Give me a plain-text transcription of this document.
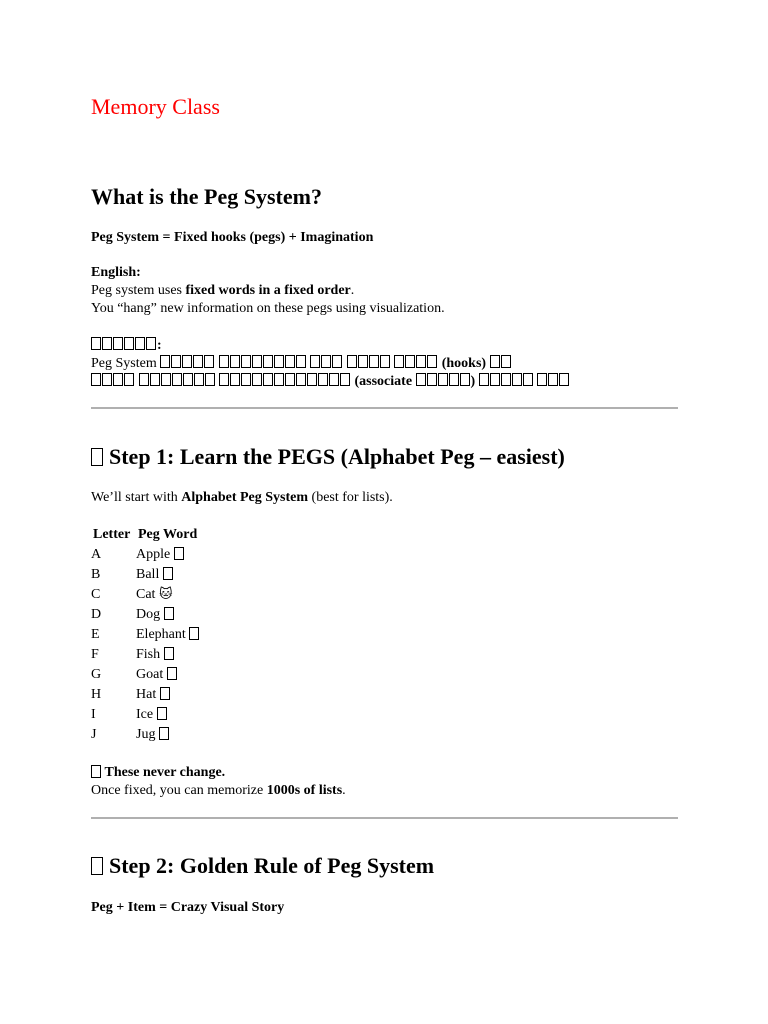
Memory Class
What is the Peg System?

Peg System = Fixed hooks (pegs) + Imagination

English:

Peg system uses fixed words in a fixed order.

You “hang” new information on these pegs using visualization.

:

Peg System	(hooks)

(associate	)

Step 1: Learn the PEGS (Alphabet Peg – easiest)

We’ll start with Alphabet Peg System (best for lists).

Letter	Peg Word
A	Apple
B	Ball
C	Cat 🐱
D	Dog
E	Elephant
F	Fish
G	Goat
H	Hat
I	Ice
J	Jug

These never change.

Once fixed, you can memorize 1000s of lists.

Step 2: Golden Rule of Peg System

Peg + Item = Crazy Visual Story
